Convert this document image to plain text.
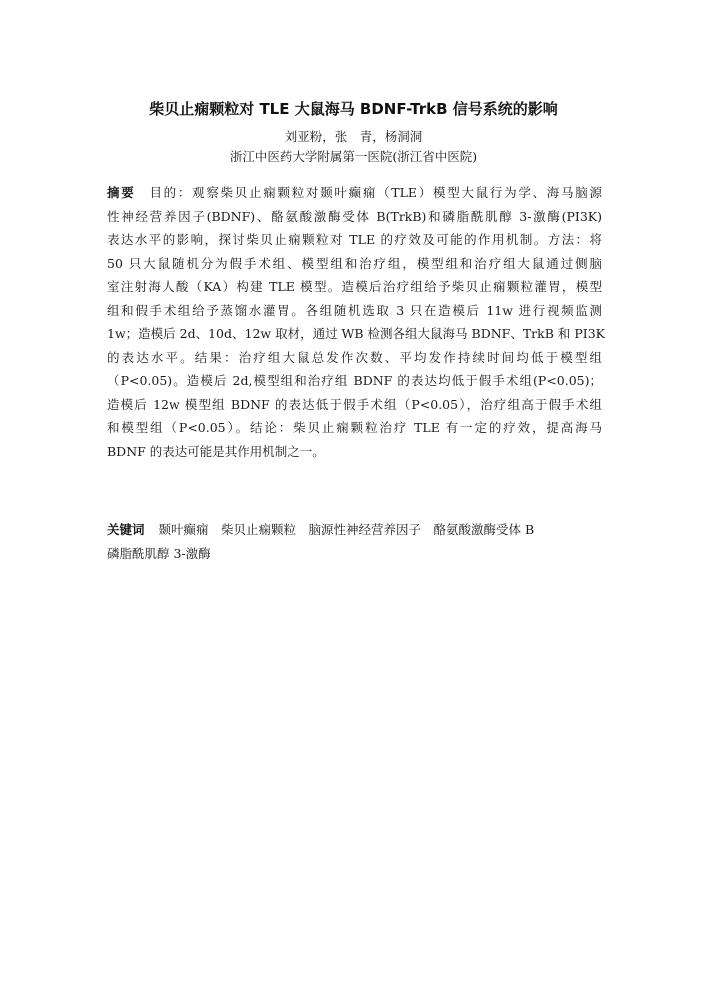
柴贝止痫颗粒对 TLE 大鼠海马 BDNF-TrkB 信号系统的影响
刘亚粉，张　青，杨洞洞
浙江中医药大学附属第一医院(浙江省中医院)
摘要 目的：观察柴贝止痫颗粒对颞叶癫痫（TLE）模型大鼠行为学、海马脑源
性神经营养因子(BDNF)、酪氨酸激酶受体 B(TrkB)和磷脂酰肌醇 3-激酶(PI3K)
表达水平的影响，探讨柴贝止痫颗粒对 TLE 的疗效及可能的作用机制。方法：将
50 只大鼠随机分为假手术组、模型组和治疗组，模型组和治疗组大鼠通过侧脑
室注射海人酸（KA）构建 TLE 模型。造模后治疗组给予柴贝止痫颗粒灌胃，模型
组和假手术组给予蒸馏水灌胃。各组随机选取 3 只在造模后 11w 进行视频监测
1w；造模后 2d、10d、12w 取材，通过 WB 检测各组大鼠海马 BDNF、TrkB 和 PI3K
的表达水平。结果：治疗组大鼠总发作次数、平均发作持续时间均低于模型组
（P<0.05)。造模后 2d,模型组和治疗组 BDNF 的表达均低于假手术组(P<0.05)；
造模后 12w 模型组 BDNF 的表达低于假手术组（P<0.05），治疗组高于假手术组
和模型组（P<0.05）。结论：柴贝止痫颗粒治疗 TLE 有一定的疗效，提高海马
BDNF 的表达可能是其作用机制之一。
关键词 颞叶癫痫　柴贝止痫颗粒　脑源性神经营养因子　酪氨酸激酶受体 B
磷脂酰肌醇 3-激酶
